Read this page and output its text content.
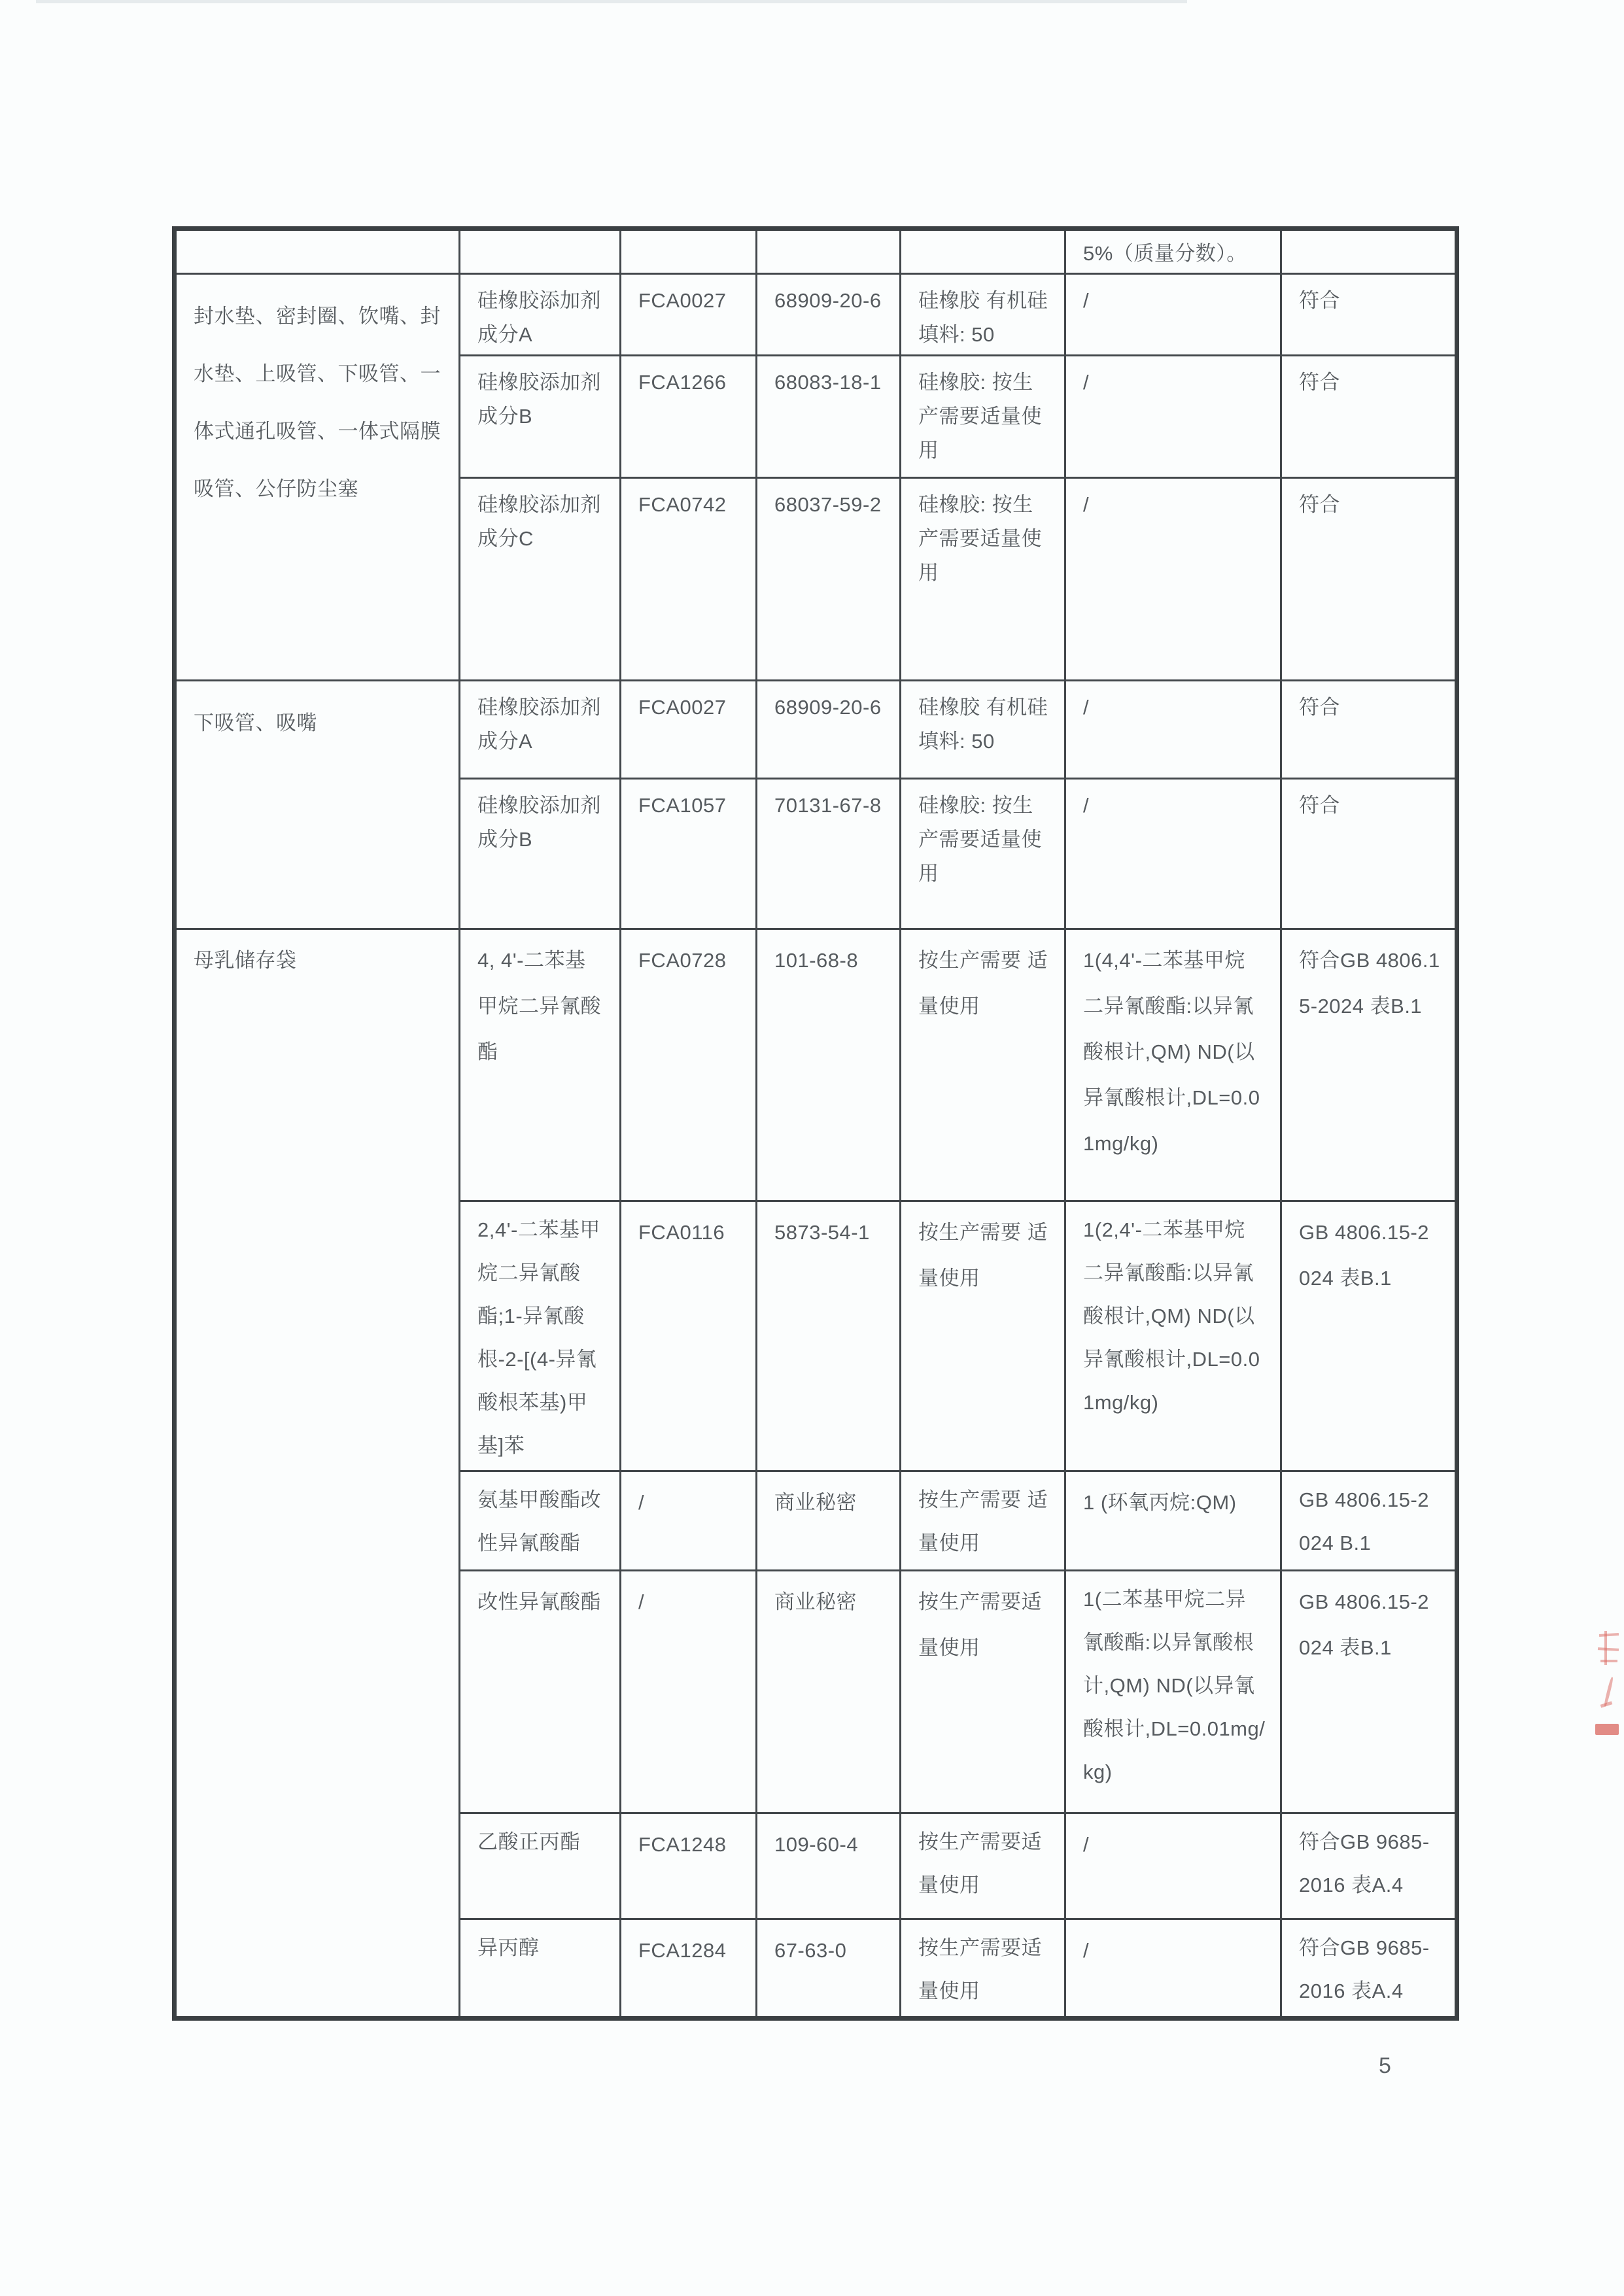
					5%（质量分数）。	
封水垫、密封圈、饮嘴、封水垫、上吸管、下吸管、一体式通孔吸管、一体式隔膜吸管、公仔防尘塞	硅橡胶添加剂成分A	FCA0027	68909-20-6	硅橡胶 有机硅填料: 50	/	符合
	硅橡胶添加剂成分B	FCA1266	68083-18-1	硅橡胶: 按生产需要适量使用	/	符合
	硅橡胶添加剂成分C	FCA0742	68037-59-2	硅橡胶: 按生产需要适量使用	/	符合
下吸管、吸嘴	硅橡胶添加剂成分A	FCA0027	68909-20-6	硅橡胶 有机硅填料: 50	/	符合
	硅橡胶添加剂成分B	FCA1057	70131-67-8	硅橡胶: 按生产需要适量使用	/	符合
母乳储存袋	4, 4'-二苯基甲烷二异氰酸酯	FCA0728	101-68-8	按生产需要 适量使用	1(4,4'-二苯基甲烷二异氰酸酯:以异氰酸根计,QM) ND(以异氰酸根计,DL=0.01mg/kg)	符合GB 4806.15-2024 表B.1
	2,4'-二苯基甲烷二异氰酸酯;1-异氰酸根-2-[(4-异氰酸根苯基)甲基]苯	FCA0116	5873-54-1	按生产需要 适量使用	1(2,4'-二苯基甲烷二异氰酸酯:以异氰酸根计,QM) ND(以异氰酸根计,DL=0.01mg/kg)	GB 4806.15-2024 表B.1
	氨基甲酸酯改性异氰酸酯	/	商业秘密	按生产需要 适量使用	1 (环氧丙烷:QM)	GB 4806.15-2024 B.1
	改性异氰酸酯	/	商业秘密	按生产需要适量使用	1(二苯基甲烷二异氰酸酯:以异氰酸根计,QM) ND(以异氰酸根计,DL=0.01mg/kg)	GB 4806.15-2024 表B.1
	乙酸正丙酯	FCA1248	109-60-4	按生产需要适量使用	/	符合GB 9685-2016 表A.4
	异丙醇	FCA1284	67-63-0	按生产需要适量使用	/	符合GB 9685-2016 表A.4
5
